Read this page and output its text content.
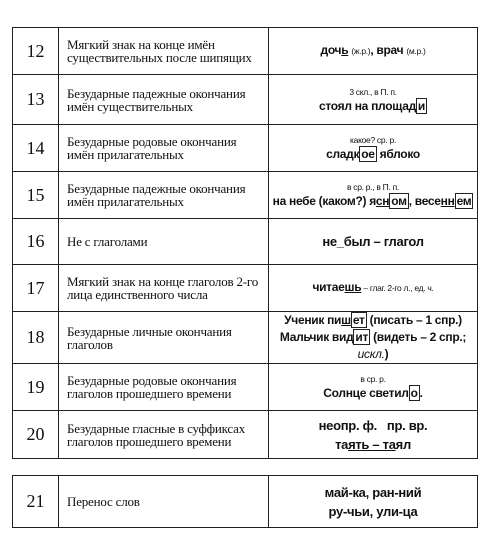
12	Мягкий знак на конце имён существительных после шипящих	дочь (ж.р.), врач (м.р.)
13	Безударные падежные окончания имён существительных	3 скл., в П. п.
стоял на площад и
14	Безударные родовые окончания имён прилагательных	какое? ср. р.
сладк ое яблоко
15	Безударные падежные окончания имён прилагательных	в ср. р., в П. п.
на небе (каком?) ясн ом , весенн ем
16	Не с глаголами	не_был – глагол
17	Мягкий знак на конце глаголов 2-го лица единственного числа	читаешь – глаг. 2-го л., ед. ч.
18	Безударные личные окончания глаголов	Ученик пиш ет (писать – 1 спр.)
Мальчик вид ит (видеть – 2 спр.; искл.)

19	Безударные родовые окончания глаголов прошедшего времени	в ср. р.
Солнце светил о .
20	Безударные гласные в суффиксах глаголов прошедшего времени	неопр. ф.   пр. вр.
таять – таял
21	Перенос слов	
май-ка, ран-ний
ру-чьи, ули-ца
